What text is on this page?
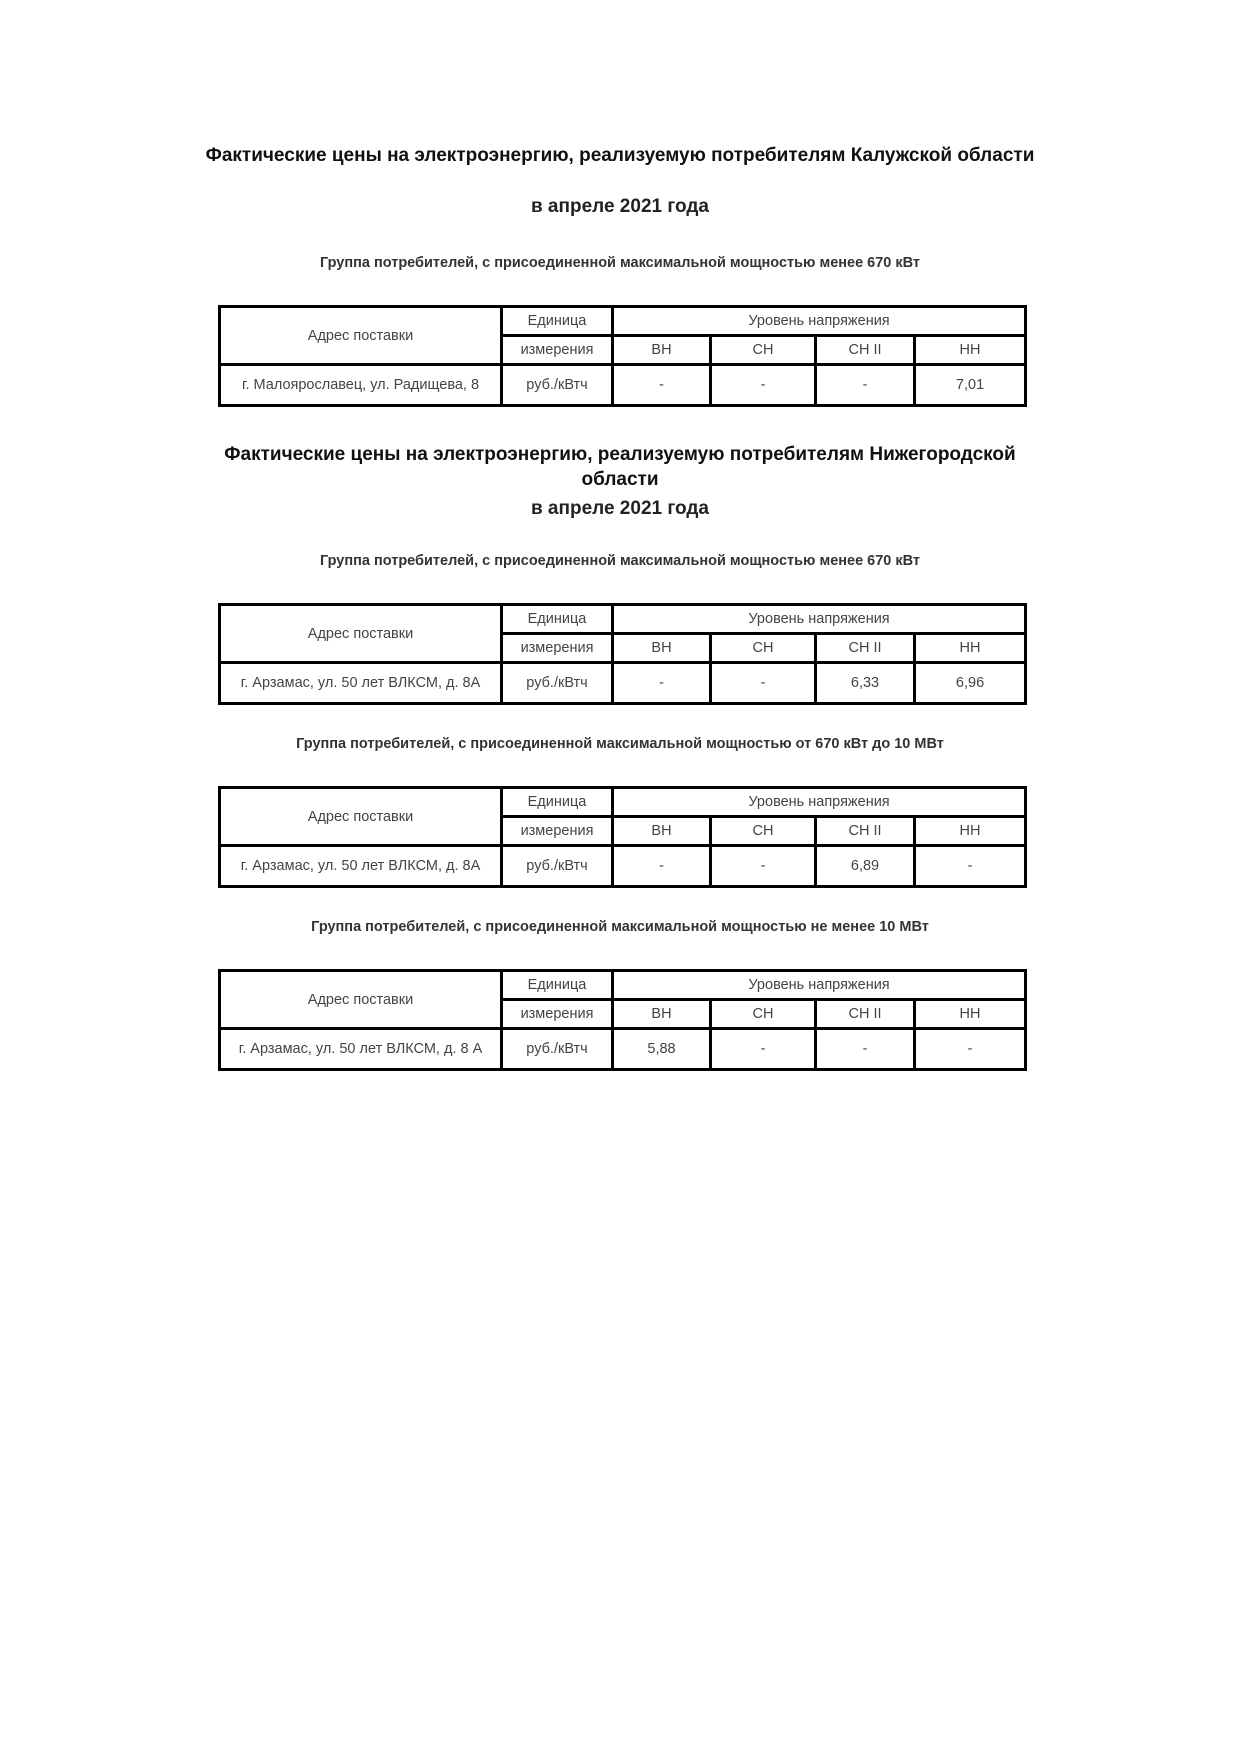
Фактические цены на электроэнергию, реализуемую потребителям Калужской области
в апреле 2021 года
Группа потребителей, с присоединенной максимальной мощностью менее 670 кВт
Адрес поставки	Единица	Уровень напряжения			
	измерения	ВН	СН	СН II	НН
г. Малоярославец, ул. Радищева, 8	руб./кВтч	-	-	-	7,01
Фактические цены на электроэнергию, реализуемую потребителям Нижегородской области
в апреле 2021 года
Группа потребителей, с присоединенной максимальной мощностью менее 670 кВт
Адрес поставки	Единица	Уровень напряжения			
	измерения	ВН	СН	СН II	НН
г. Арзамас, ул. 50 лет ВЛКСМ, д. 8А	руб./кВтч	-	-	6,33	6,96
Группа потребителей, с присоединенной максимальной мощностью от 670 кВт до 10 МВт
Адрес поставки	Единица	Уровень напряжения			
	измерения	ВН	СН	СН II	НН
г. Арзамас, ул. 50 лет ВЛКСМ, д. 8А	руб./кВтч	-	-	6,89	-
Группа потребителей, с присоединенной максимальной мощностью не менее 10 МВт
Адрес поставки	Единица	Уровень напряжения			
	измерения	ВН	СН	СН II	НН
г. Арзамас, ул. 50 лет ВЛКСМ, д. 8 А	руб./кВтч	5,88	-	-	-
